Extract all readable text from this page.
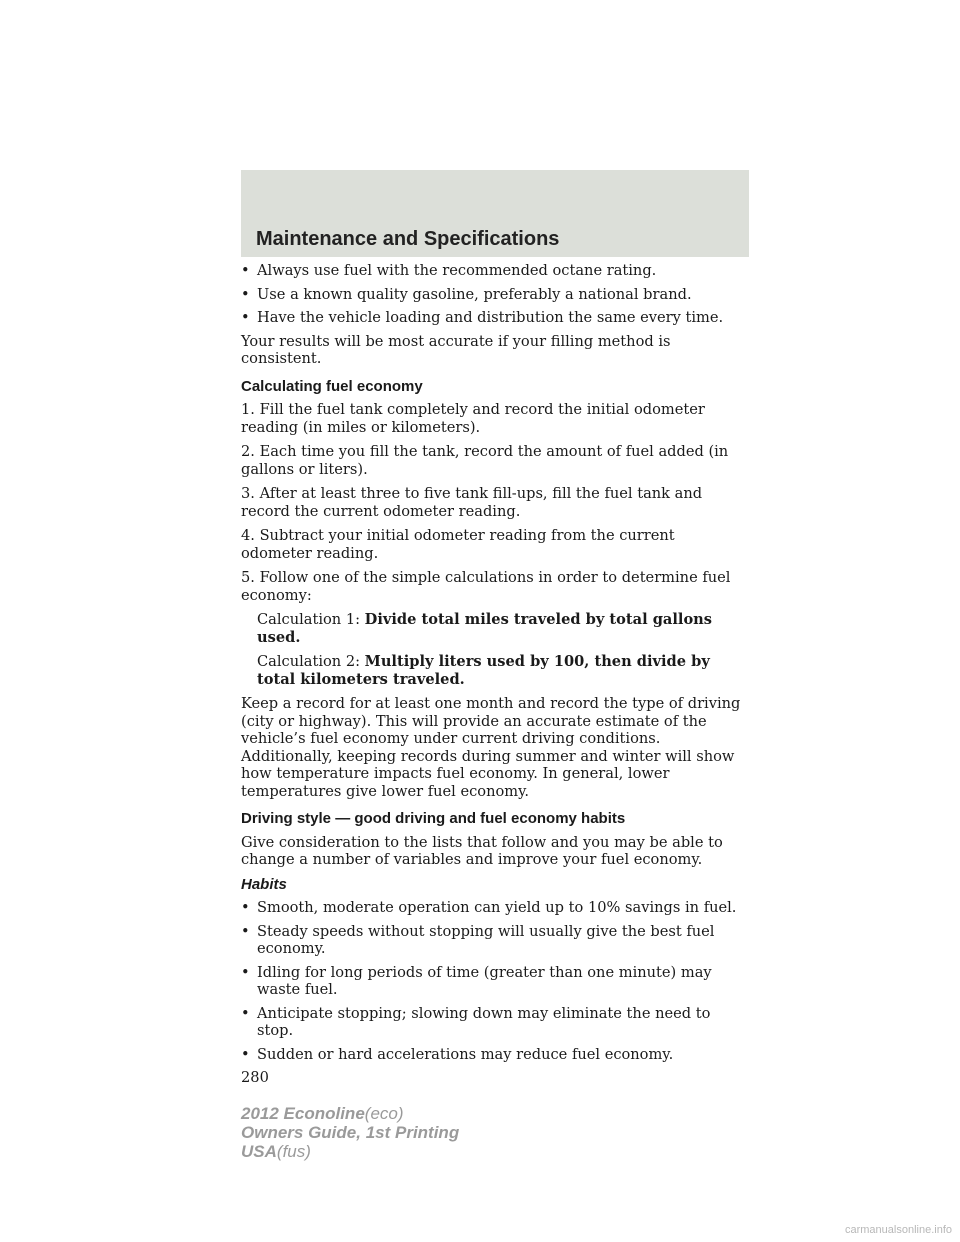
Maintenance and Specifications
• Always use fuel with the recommended octane rating.
• Use a known quality gasoline, preferably a national brand.
• Have the vehicle loading and distribution the same every time.

Your results will be most accurate if your filling method is consistent.

Calculating fuel economy

1. Fill the fuel tank completely and record the initial odometer reading (in miles or kilometers).

2. Each time you fill the tank, record the amount of fuel added (in gallons or liters).

3. After at least three to five tank fill-ups, fill the fuel tank and record the current odometer reading.

4. Subtract your initial odometer reading from the current odometer reading.

5. Follow one of the simple calculations in order to determine fuel economy:

Calculation 1: Divide total miles traveled by total gallons used.
Calculation 2: Multiply liters used by 100, then divide by total kilometers traveled.

Keep a record for at least one month and record the type of driving (city or highway). This will provide an accurate estimate of the vehicle’s fuel economy under current driving conditions. Additionally, keeping records during summer and winter will show how temperature impacts fuel economy. In general, lower temperatures give lower fuel economy.

Driving style — good driving and fuel economy habits

Give consideration to the lists that follow and you may be able to change a number of variables and improve your fuel economy.

Habits
• Smooth, moderate operation can yield up to 10% savings in fuel.
• Steady speeds without stopping will usually give the best fuel economy.
• Idling for long periods of time (greater than one minute) may waste fuel.
• Anticipate stopping; slowing down may eliminate the need to stop.
• Sudden or hard accelerations may reduce fuel economy.
280
2012 Econoline(eco)
Owners Guide, 1st Printing
USA(fus)
carmanualsonline.info
